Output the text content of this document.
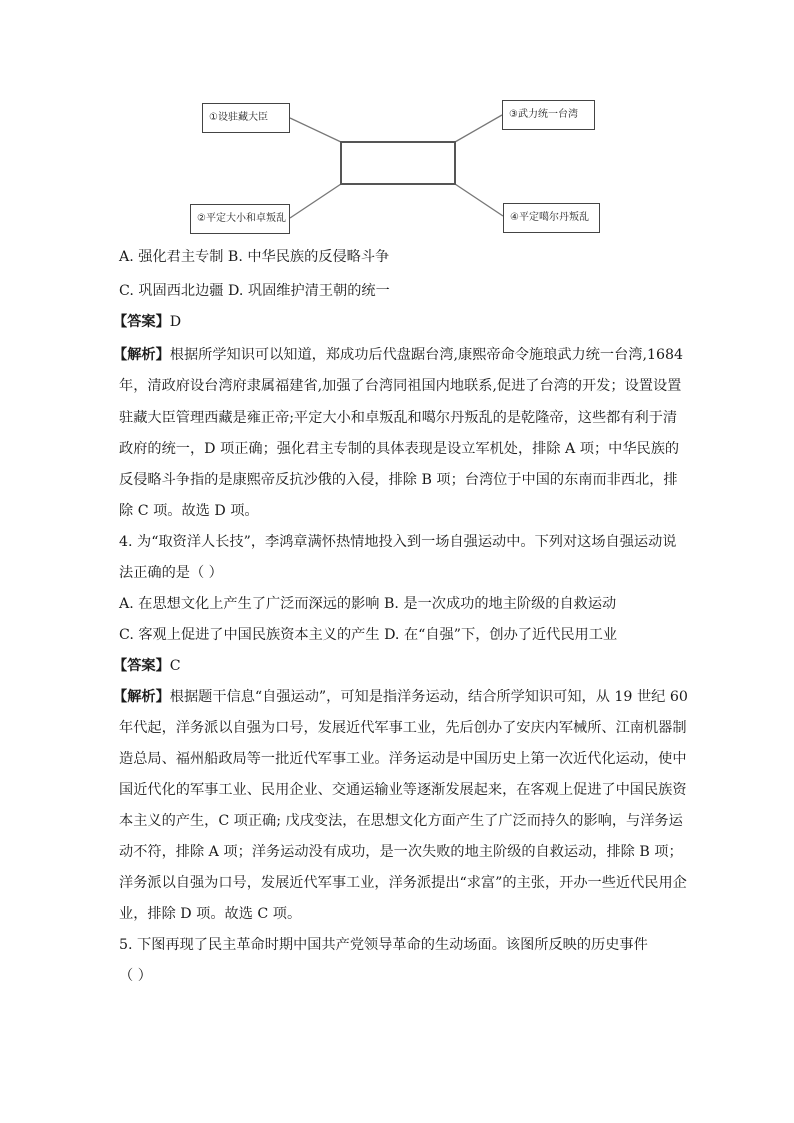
①设驻藏大臣	③武力统一台湾
②平定大小和卓叛乱	④平定噶尔丹叛乱
A. 强化君主专制 B. 中华民族的反侵略斗争
C. 巩固西北边疆 D. 巩固维护清王朝的统一
【答案】D
【解析】根据所学知识可以知道，郑成功后代盘踞台湾,康熙帝命令施琅武力统一台湾,1684
年，清政府设台湾府隶属福建省,加强了台湾同祖国内地联系,促进了台湾的开发；设置设置
驻藏大臣管理西藏是雍正帝;平定大小和卓叛乱和噶尔丹叛乱的是乾隆帝，这些都有利于清
政府的统一，D 项正确；强化君主专制的具体表现是设立军机处，排除 A 项；中华民族的
反侵略斗争指的是康熙帝反抗沙俄的入侵，排除 B 项；台湾位于中国的东南而非西北，排
除 C 项。故选 D 项。
4. 为“取资洋人长技”，李鸿章满怀热情地投入到一场自强运动中。下列对这场自强运动说
法正确的是（ ）
A. 在思想文化上产生了广泛而深远的影响 B. 是一次成功的地主阶级的自救运动
C. 客观上促进了中国民族资本主义的产生 D. 在“自强”下，创办了近代民用工业
【答案】C
【解析】根据题干信息“自强运动”，可知是指洋务运动，结合所学知识可知，从 19 世纪 60
年代起，洋务派以自强为口号，发展近代军事工业，先后创办了安庆内军械所、江南机器制
造总局、福州船政局等一批近代军事工业。洋务运动是中国历史上第一次近代化运动，使中
国近代化的军事工业、民用企业、交通运输业等逐渐发展起来，在客观上促进了中国民族资
本主义的产生，C 项正确; 戊戌变法，在思想文化方面产生了广泛而持久的影响，与洋务运
动不符，排除 A 项；洋务运动没有成功，是一次失败的地主阶级的自救运动，排除 B 项；
洋务派以自强为口号，发展近代军事工业，洋务派提出“求富”的主张，开办一些近代民用企
业，排除 D 项。故选 C 项。
5. 下图再现了民主革命时期中国共产党领导革命的生动场面。该图所反映的历史事件
（ ）
